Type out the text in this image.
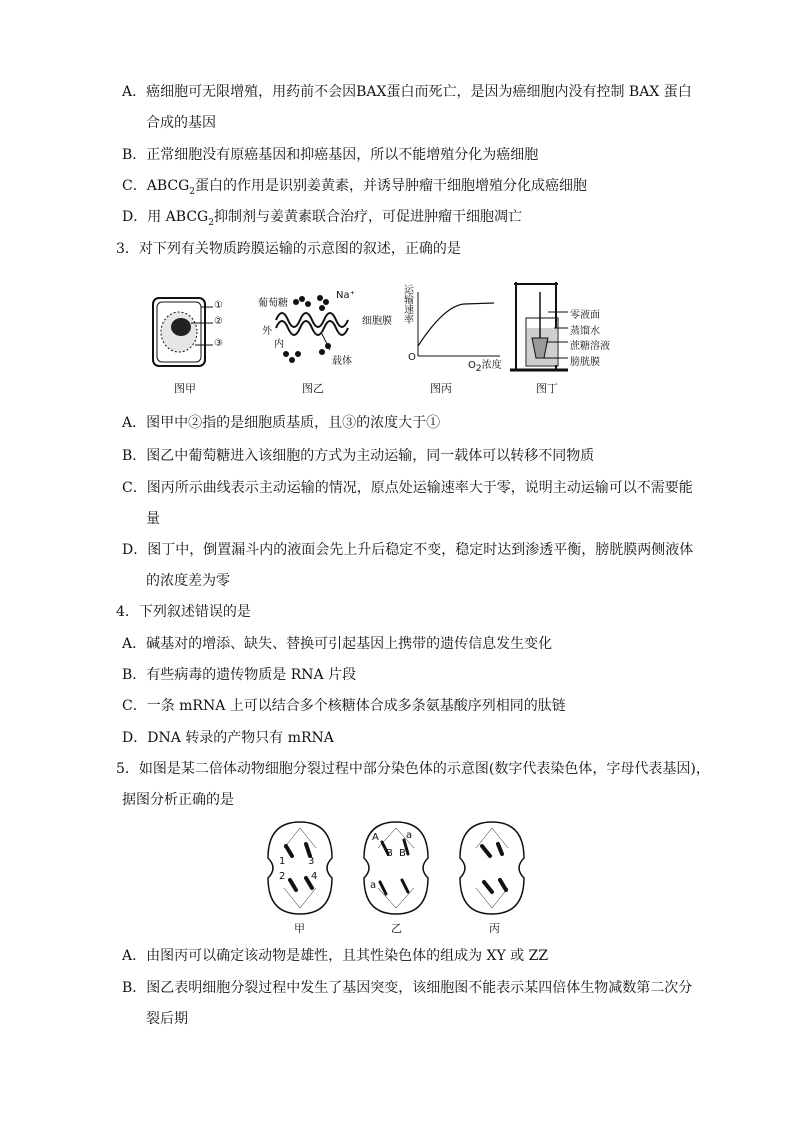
A．癌细胞可无限增殖，用药前不会因BAX蛋白而死亡，是因为癌细胞内没有控制 BAX 蛋白
合成的基因
B．正常细胞没有原癌基因和抑癌基因，所以不能增殖分化为癌细胞
C．$ABCG_2$蛋白的作用是识别姜黄素，并诱导肿瘤干细胞增殖分化成癌细胞
D．用 $ABCG_2$抑制剂与姜黄素联合治疗，可促进肿瘤干细胞凋亡
3．对下列有关物质跨膜运输的示意图的叙述，正确的是
①
②
③
图甲
葡萄糖
Na⁺
细胞膜
外
内
载体
图乙
运
输
速
率
O
$O_2$浓度
图丙
零液面
蒸馏水
蔗糖溶液
膀胱膜
图丁
A．图甲中②指的是细胞质基质，且③的浓度大于①
B．图乙中葡萄糖进入该细胞的方式为主动运输，同一载体可以转移不同物质
C．图丙所示曲线表示主动运输的情况，原点处运输速率大于零，说明主动运输可以不需要能
量
D．图丁中，倒置漏斗内的液面会先上升后稳定不变，稳定时达到渗透平衡，膀胱膜两侧液体
的浓度差为零
4．下列叙述错误的是
A．碱基对的增添、缺失、替换可引起基因上携带的遗传信息发生变化
B．有些病毒的遗传物质是 RNA 片段
C．一条 mRNA 上可以结合多个核糖体合成多条氨基酸序列相同的肽链
D．DNA 转录的产物只有 mRNA
5．如图是某二倍体动物细胞分裂过程中部分染色体的示意图(数字代表染色体，字母代表基因)，
据图分析正确的是
1
2
3
4
A
B B
a
a
甲	乙	丙
A．由图丙可以确定该动物是雄性，且其性染色体的组成为 XY 或 ZZ
B．图乙表明细胞分裂过程中发生了基因突变，该细胞图不能表示某四倍体生物减数第二次分
裂后期
